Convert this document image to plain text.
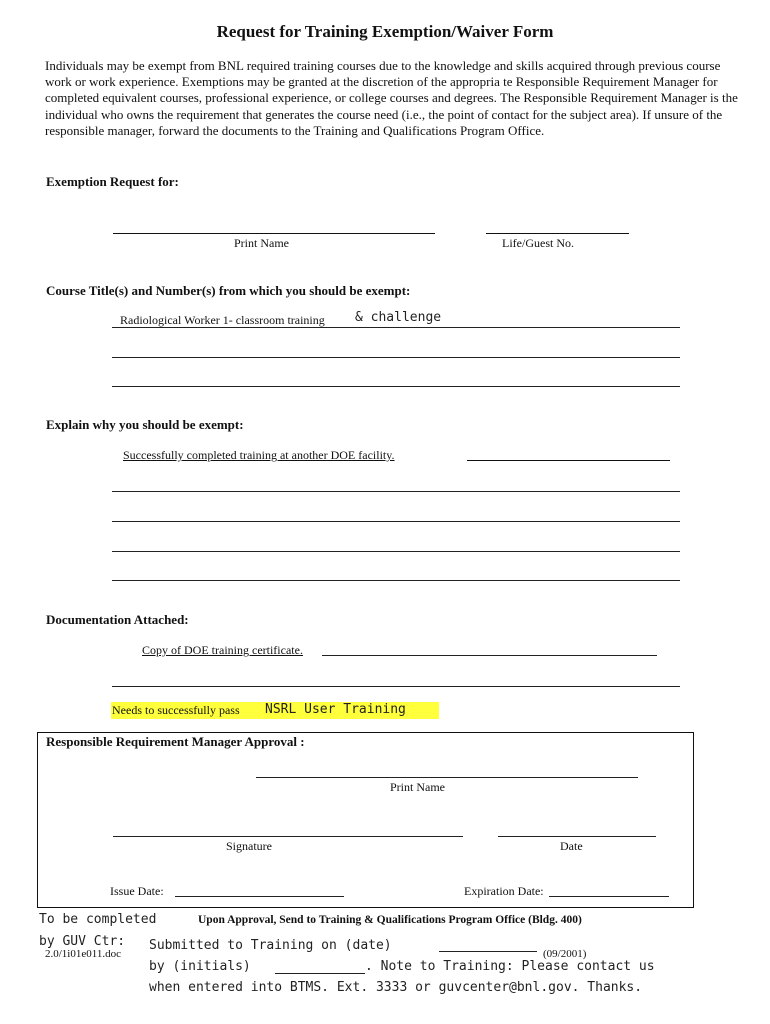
Request for Training Exemption/Waiver Form
Individuals may be exempt from BNL required training courses due to the knowledge and skills acquired through previous course work or work experience. Exemptions may be granted at the discretion of the appropria te Responsible Requirement Manager for completed equivalent courses, professional experience, or college courses and degrees. The Responsible Requirement Manager is the individual who owns the requirement that generates the course need (i.e., the point of contact for the subject area). If unsure of the responsible manager, forward the documents to the Training and Qualifications Program Office.
Exemption Request for:
Print Name	Life/Guest No.
Course Title(s) and Number(s) from which you should be exempt:
Radiological Worker 1- classroom training & challenge
Explain why you should be exempt:
Successfully completed training at another DOE facility.
Documentation Attached:
Copy of DOE training certificate.
Needs to successfully pass NSRL User Training
Responsible Requirement Manager Approval :
Print Name
Signature	Date
Issue Date:	Expiration Date:
To be completed	Upon Approval, Send to Training & Qualifications Program Office (Bldg. 400)
by GUV Ctr:
2.0/1i01e011.doc
Submitted to Training on (date)
(09/2001)
by (initials)	. Note to Training: Please contact us
when entered into BTMS. Ext. 3333 or guvcenter@bnl.gov. Thanks.
